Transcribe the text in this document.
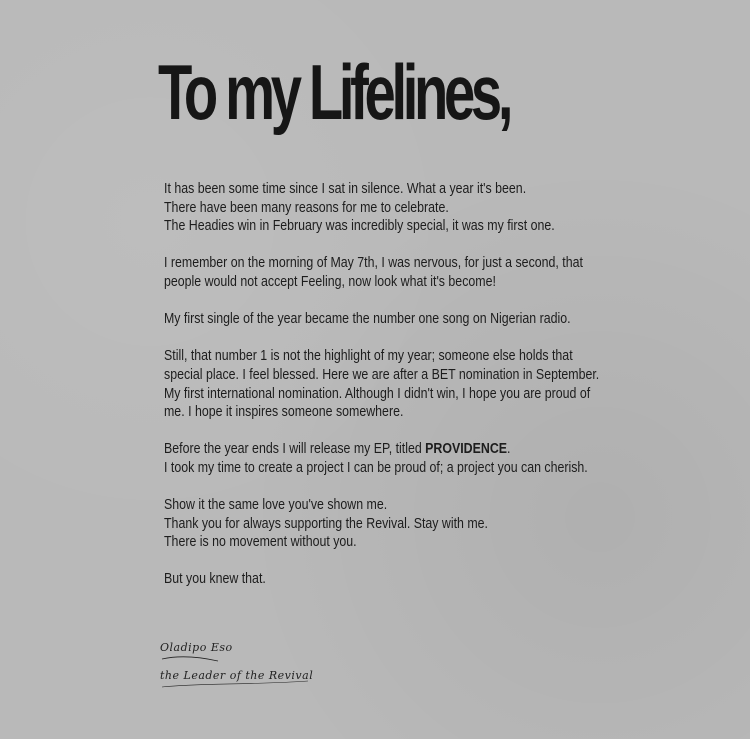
To my Lifelines,

It has been some time since I sat in silence. What a year it's been.
There have been many reasons for me to celebrate.
The Headies win in February was incredibly special, it was my first one.

I remember on the morning of May 7th, I was nervous, for just a second, that
people would not accept Feeling, now look what it's become!

My first single of the year became the number one song on Nigerian radio.

Still, that number 1 is not the highlight of my year; someone else holds that
special place. I feel blessed. Here we are after a BET nomination in September.
My first international nomination. Although I didn't win, I hope you are proud of
me. I hope it inspires someone somewhere.

Before the year ends I will release my EP, titled PROVIDENCE.
I took my time to create a project I can be proud of; a project you can cherish.

Show it the same love you've shown me.
Thank you for always supporting the Revival. Stay with me.
There is no movement without you.

But you knew that.

Oladipo Eso
the Leader of the Revival
